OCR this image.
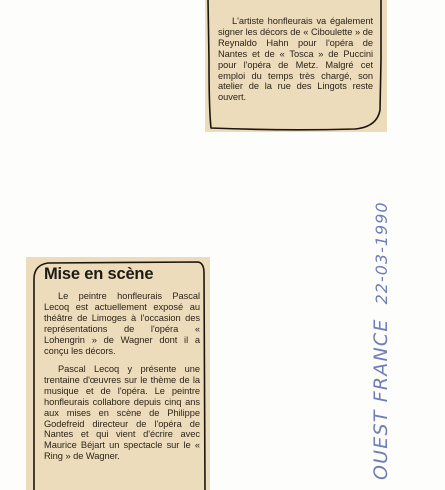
L'artiste honfleurais va également signer les décors de « Ciboulette » de Reynaldo Hahn pour l'opéra de Nantes et de « Tosca » de Puccini pour l'opéra de Metz. Malgré cet emploi du temps très chargé, son atelier de la rue des Lingots reste ouvert.

Mise en scène

Le peintre honfleurais Pascal Lecoq est actuellement exposé au théâtre de Limoges à l'occasion des représentations de l'opéra « Lohengrin » de Wagner dont il a conçu les décors.

Pascal Lecoq y présente une trentaine d'œuvres sur le thème de la musique et de l'opéra. Le peintre honfleurais collabore depuis cinq ans aux mises en scène de Philippe Godefreid directeur de l'opéra de Nantes et qui vient d'écrire avec Maurice Béjart un spectacle sur le « Ring » de Wagner.	OUEST FRANCE22-03-1990
